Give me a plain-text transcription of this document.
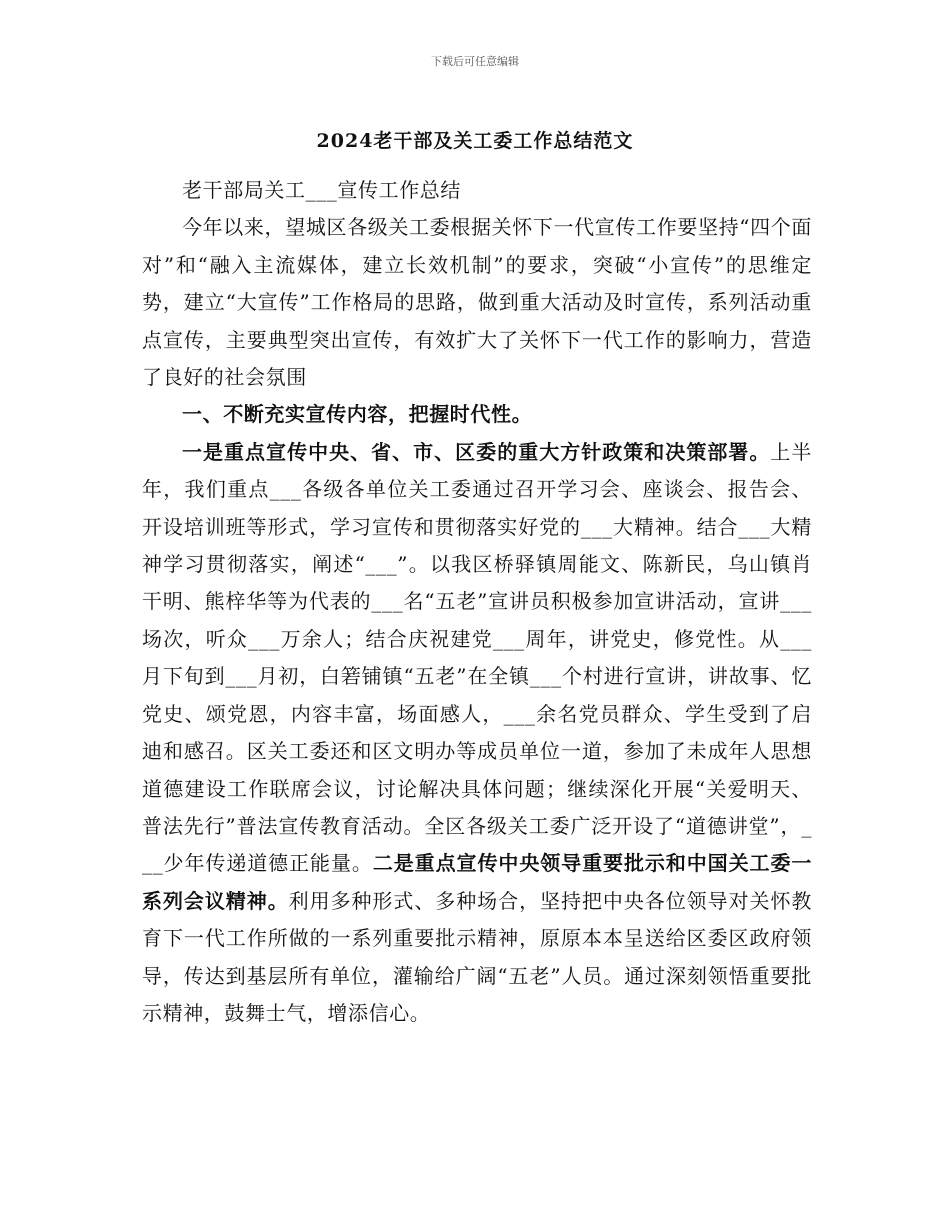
下载后可任意编辑
2024老干部及关工委工作总结范文

老干部局关工___宣传工作总结

今年以来，望城区各级关工委根据关怀下一代宣传工作要坚持“四个面对”和“融入主流媒体，建立长效机制”的要求，突破“小宣传”的思维定势，建立“大宣传”工作格局的思路，做到重大活动及时宣传，系列活动重点宣传，主要典型突出宣传，有效扩大了关怀下一代工作的影响力，营造了良好的社会氛围

一、不断充实宣传内容，把握时代性。

一是重点宣传中央、省、市、区委的重大方针政策和决策部署。上半年，我们重点___各级各单位关工委通过召开学习会、座谈会、报告会、开设培训班等形式，学习宣传和贯彻落实好党的___大精神。结合___大精神学习贯彻落实，阐述“___”。以我区桥驿镇周能文、陈新民，乌山镇肖干明、熊梓华等为代表的___名“五老”宣讲员积极参加宣讲活动，宣讲___场次，听众___万余人；结合庆祝建党___周年，讲党史，修党性。从___月下旬到___月初，白箬铺镇“五老”在全镇___个村进行宣讲，讲故事、忆党史、颂党恩，内容丰富，场面感人，___余名党员群众、学生受到了启迪和感召。区关工委还和区文明办等成员单位一道，参加了未成年人思想道德建设工作联席会议，讨论解决具体问题；继续深化开展“关爱明天、普法先行”普法宣传教育活动。全区各级关工委广泛开设了“道德讲堂”，___少年传递道德正能量。二是重点宣传中央领导重要批示和中国关工委一系列会议精神。利用多种形式、多种场合，坚持把中央各位领导对关怀教育下一代工作所做的一系列重要批示精神，原原本本呈送给区委区政府领导，传达到基层所有单位，灌输给广阔“五老”人员。通过深刻领悟重要批示精神，鼓舞士气，增添信心。
